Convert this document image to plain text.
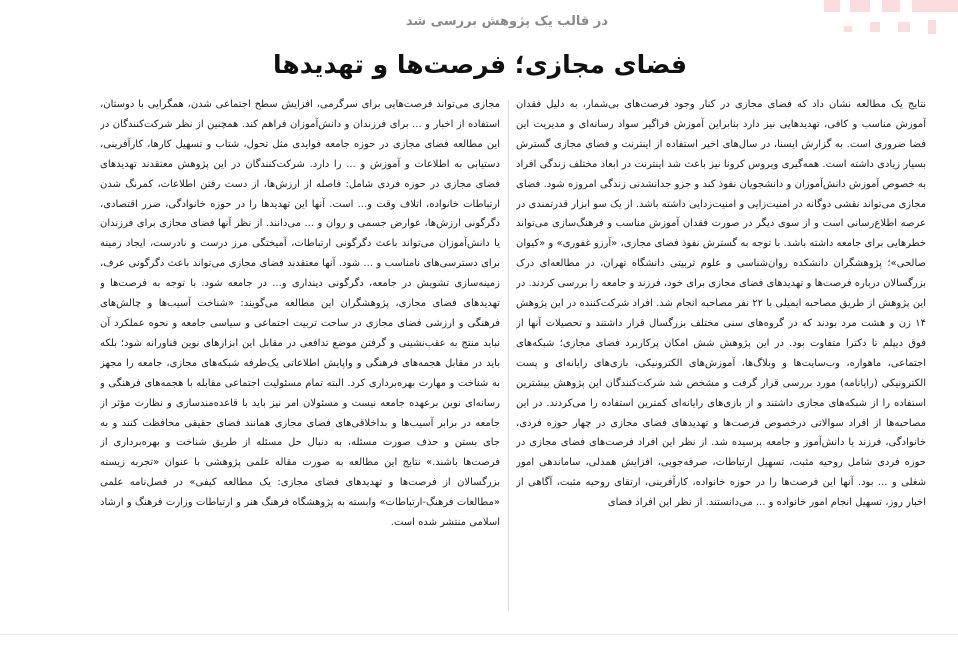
در قالب یک پژوهش بررسی شد
فضای مجازی؛ فرصت‌ها و تهدیدها

نتایج یک مطالعه نشان داد که فضای مجازی در کنار وجود فرصت‌های بی‌شمار، به دلیل فقدان آموزش مناسب و کافی، تهدیدهایی نیز دارد بنابراین آموزش فراگیر سواد رسانه‌ای و مدیریت این فضا ضروری است. به گزارش ایسنا، در سال‌های اخیر استفاده از اینترنت و فضای مجازی گسترش بسیار زیادی داشته است. همه‌گیری ویروس کرونا نیز باعث شد اینترنت در ابعاد مختلف زندگی افراد به خصوص آموزش دانش‌آموزان و دانشجویان نفوذ کند و جزو جدانشدنی زندگی امروزه شود. فضای مجازی می‌تواند نقشی دوگانه در امنیت‌زایی و امنیت‌زدایی داشته باشد. از یک سو ابزار قدرتمندی در عرصه اطلاع‌رسانی است و از سوی دیگر در صورت فقدان آموزش مناسب و فرهنگ‌سازی می‌تواند خطرهایی برای جامعه داشته باشد. با توجه به گسترش نفوذ فضای مجازی، «آرزو غفوری» و «کیوان صالحی»؛ پژوهشگران دانشکده روان‌شناسی و علوم تربیتی دانشگاه تهران، در مطالعه‌ای درک بزرگسالان درباره فرصت‌ها و تهدیدهای فضای مجازی برای خود، فرزند و جامعه را بررسی کردند. در این پژوهش از طریق مصاحبه ایمیلی با ۲۲ نفر مصاحبه انجام شد. افراد شرکت‌کننده در این پژوهش ۱۴ زن و هشت مرد بودند که در گروه‌های سنی مختلف بزرگسال قرار داشتند و تحصیلات آنها از فوق دیپلم تا دکترا متفاوت بود. در این پژوهش شش امکان پرکاربرد فضای مجازی؛ شبکه‌های اجتماعی، ماهواره، وب‌سایت‌ها و وبلاگ‌ها، آموزش‌های الکترونیکی، بازی‌های رایانه‌ای و پست الکترونیکی (رایانامه) مورد بررسی قرار گرفت و مشخص شد شرکت‌کنندگان این پژوهش بیشترین استفاده را از شبکه‌های مجازی داشتند و از بازی‌های رایانه‌ای کمترین استفاده را می‌کردند. در این مصاحبه‌ها از افراد سوالاتی درخصوص فرصت‌ها و تهدیدهای فضای مجازی در چهار حوزه فردی، خانوادگی، فرزند یا دانش‌آموز و جامعه پرسیده شد. از نظر این افراد فرصت‌های فضای مجازی در حوزه فردی شامل روحیه مثبت، تسهیل ارتباطات، صرفه‌جویی، افزایش همدلی، ساماندهی امور شغلی و ... بود. آنها این فرصت‌ها را در حوزه خانواده، کارآفرینی، ارتقای روحیه مثبت، آگاهی از اخبار روز، تسهیل انجام امور خانواده و ... می‌دانستند. از نظر این افراد فضای

مجازی می‌تواند فرصت‌هایی برای سرگرمی، افزایش سطح اجتماعی شدن، همگرایی با دوستان، استفاده از اخبار و ... برای فرزندان و دانش‌آموزان فراهم کند. همچنین از نظر شرکت‌کنندگان در این مطالعه فضای مجازی در حوزه جامعه فوایدی مثل تحول، شتاب و تسهیل کارها، کارآفرینی، دستیابی به اطلاعات و آموزش و ... را دارد. شرکت‌کنندگان در این پژوهش معتقدند تهدیدهای فضای مجازی در حوزه فردی شامل: فاصله از ارزش‌ها، از دست رفتن اطلاعات، کمرنگ شدن ارتباطات خانواده، اتلاف وقت و... است. آنها این تهدیدها را در حوزه خانوادگی، ضرر اقتصادی، دگرگونی ارزش‌ها، عوارض جسمی و روان و ... می‌دانند. از نظر آنها فضای مجازی برای فرزندان یا دانش‌آموزان می‌تواند باعث دگرگونی ارتباطات، آمیختگی مرز درست و نادرست، ایجاد زمینه برای دسترسی‌های نامناسب و ... شود. آنها معتقدند فضای مجازی می‌تواند باعث دگرگونی عرف، زمینه‌سازی تشویش در جامعه، دگرگونی دینداری و... در جامعه شود. با توجه به فرصت‌ها و تهدیدهای فضای مجازی، پژوهشگران این مطالعه می‌گویند: «شناخت آسیب‌ها و چالش‌های فرهنگی و ارزشی فضای مجازی در ساحت تربیت اجتماعی و سیاسی جامعه و نحوه عملکرد آن نباید منتج به عقب‌نشینی و گرفتن موضع تدافعی در مقابل این ابزارهای نوین فناورانه شود؛ بلکه باید در مقابل هجمه‌های فرهنگی و واپایش اطلاعاتی یک‌طرفه شبکه‌های مجازی، جامعه را مجهز به شناخت و مهارت بهره‌برداری کرد. البته تمام مسئولیت اجتماعی مقابله با هجمه‌های فرهنگی و رسانه‌ای نوین برعهده جامعه نیست و مسئولان امر نیز باید با قاعده‌مندسازی و نظارت مؤثر از جامعه در برابر آسیب‌ها و بداخلاقی‌های فضای مجازی همانند فضای حقیقی محافظت کنند و به جای بستن و حذف صورت مسئله، به دنبال حل مسئله از طریق شناخت و بهره‌برداری از فرصت‌ها باشند.» نتایج این مطالعه به صورت مقاله علمی پژوهشی با عنوان «تجربه زیسته بزرگسالان از فرصت‌ها و تهدیدهای فضای مجازی: یک مطالعه کیفی» در فصل‌نامه علمی «مطالعات فرهنگ-ارتباطات» وابسته به پژوهشگاه فرهنگ هنر و ارتباطات وزارت فرهنگ و ارشاد اسلامی منتشر شده است.
